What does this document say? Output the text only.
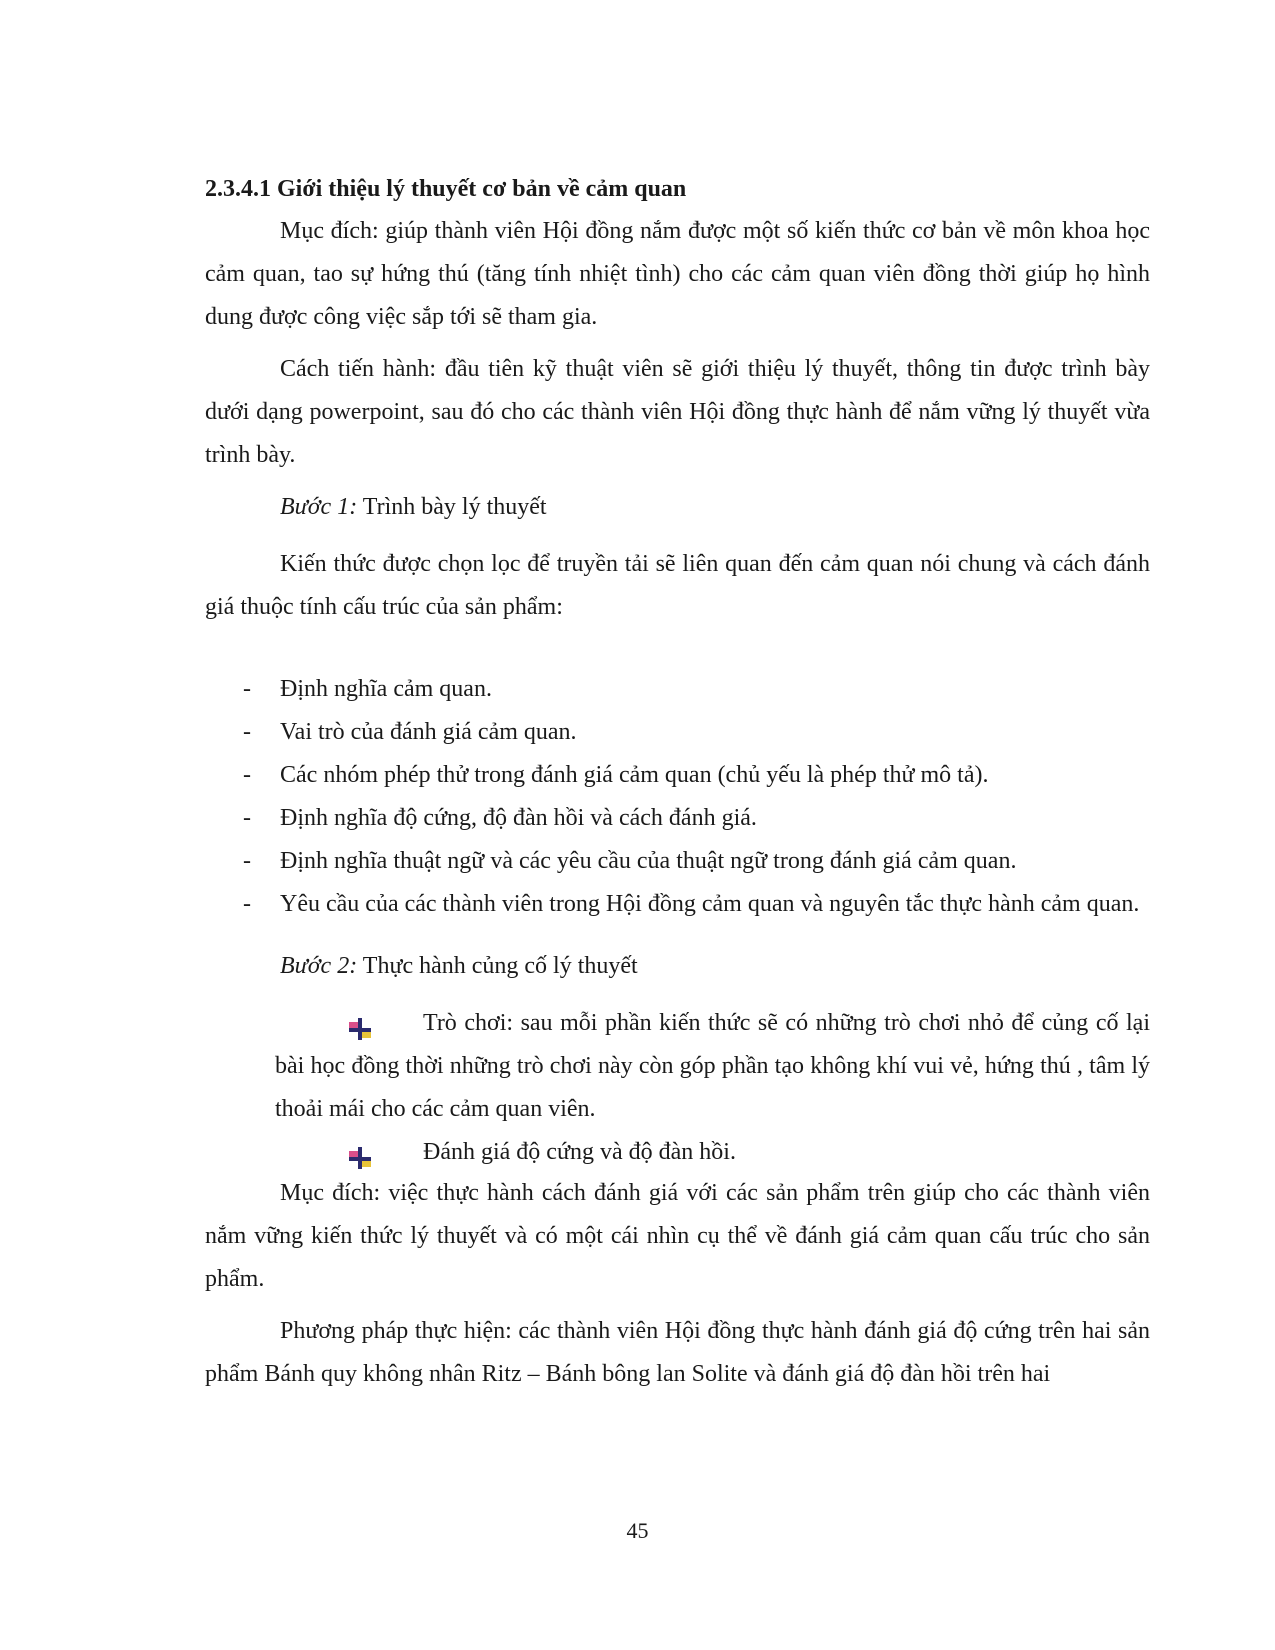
2.3.4.1 Giới thiệu lý thuyết cơ bản về cảm quan
Mục đích: giúp thành viên Hội đồng nắm được một số kiến thức cơ bản về môn khoa học cảm quan, tao sự hứng thú (tăng tính nhiệt tình) cho các cảm quan viên đồng thời giúp họ hình dung được công việc sắp tới sẽ tham gia.
Cách tiến hành: đầu tiên kỹ thuật viên sẽ giới thiệu lý thuyết, thông tin được trình bày dưới dạng powerpoint, sau đó cho các thành viên Hội đồng thực hành để nắm vững lý thuyết vừa trình bày.
Bước 1: Trình bày lý thuyết
Kiến thức được chọn lọc để truyền tải sẽ liên quan đến cảm quan nói chung và cách đánh giá thuộc tính cấu trúc của sản phẩm:
- Định nghĩa cảm quan.
- Vai trò của đánh giá cảm quan.
- Các nhóm phép thử trong đánh giá cảm quan (chủ yếu là phép thử mô tả).
- Định nghĩa độ cứng, độ đàn hồi và cách đánh giá.
- Định nghĩa thuật ngữ và các yêu cầu của thuật ngữ trong đánh giá cảm quan.
- Yêu cầu của các thành viên trong Hội đồng cảm quan và nguyên tắc thực hành cảm quan.
Bước 2: Thực hành củng cố lý thuyết
Trò chơi: sau mỗi phần kiến thức sẽ có những trò chơi nhỏ để củng cố lại bài học đồng thời những trò chơi này còn góp phần tạo không khí vui vẻ, hứng thú , tâm lý thoải mái cho các cảm quan viên.
Đánh giá độ cứng và độ đàn hồi.
Mục đích: việc thực hành cách đánh giá với các sản phẩm trên giúp cho các thành viên nắm vững kiến thức lý thuyết và có một cái nhìn cụ thể về đánh giá cảm quan cấu trúc cho sản phẩm.
Phương pháp thực hiện: các thành viên Hội đồng thực hành đánh giá độ cứng trên hai sản phẩm Bánh quy không nhân Ritz – Bánh bông lan Solite và đánh giá độ đàn hồi trên hai
45
